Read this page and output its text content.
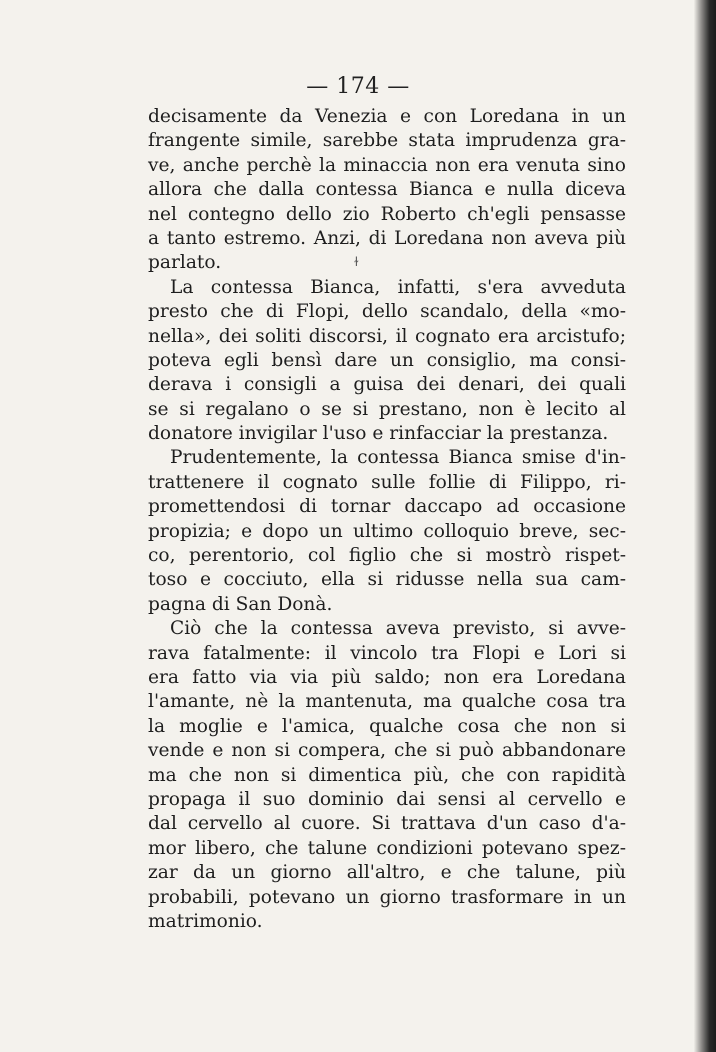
— 174 —
decisamente da Venezia e con Loredana in un
frangente simile, sarebbe stata imprudenza gra-
ve, anche perchè la minaccia non era venuta sino
allora che dalla contessa Bianca e nulla diceva
nel contegno dello zio Roberto ch'egli pensasse
a tanto estremo. Anzi, di Loredana non aveva più
parlato.
La contessa Bianca, infatti, s'era avveduta
presto che di Flopi, dello scandalo, della «mo-
nella», dei soliti discorsi, il cognato era arcistufo;
poteva egli bensì dare un consiglio, ma consi-
derava i consigli a guisa dei denari, dei quali
se si regalano o se si prestano, non è lecito al
donatore invigilar l'uso e rinfacciar la prestanza.
Prudentemente, la contessa Bianca smise d'in-
trattenere il cognato sulle follie di Filippo, ri-
promettendosi di tornar daccapo ad occasione
propizia; e dopo un ultimo colloquio breve, sec-
co, perentorio, col figlio che si mostrò rispet-
toso e cocciuto, ella si ridusse nella sua cam-
pagna di San Donà.
Ciò che la contessa aveva previsto, si avve-
rava fatalmente: il vincolo tra Flopi e Lori si
era fatto via via più saldo; non era Loredana
l'amante, nè la mantenuta, ma qualche cosa tra
la moglie e l'amica, qualche cosa che non si
vende e non si compera, che si può abbandonare
ma che non si dimentica più, che con rapidità
propaga il suo dominio dai sensi al cervello e
dal cervello al cuore. Si trattava d'un caso d'a-
mor libero, che talune condizioni potevano spez-
zar da un giorno all'altro, e che talune, più
probabili, potevano un giorno trasformare in un
matrimonio.
ɫ
